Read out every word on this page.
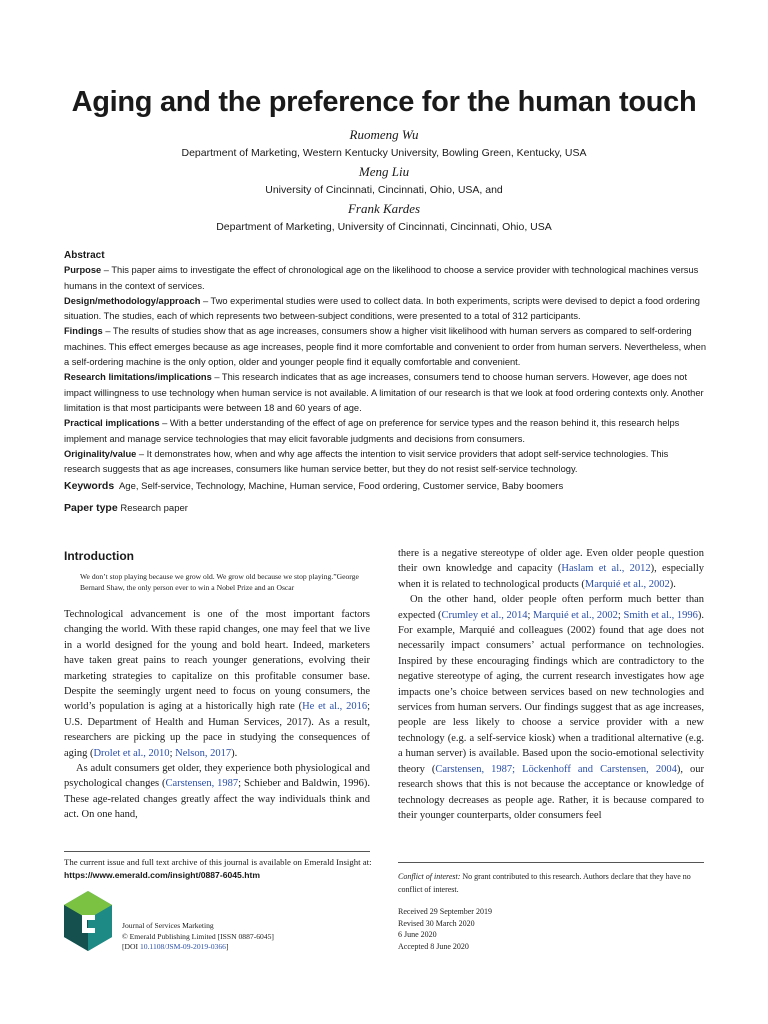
Aging and the preference for the human touch
Ruomeng Wu
Department of Marketing, Western Kentucky University, Bowling Green, Kentucky, USA
Meng Liu
University of Cincinnati, Cincinnati, Ohio, USA, and
Frank Kardes
Department of Marketing, University of Cincinnati, Cincinnati, Ohio, USA
Abstract

Purpose – This paper aims to investigate the effect of chronological age on the likelihood to choose a service provider with technological machines versus humans in the context of services.

Design/methodology/approach – Two experimental studies were used to collect data. In both experiments, scripts were devised to depict a food ordering situation. The studies, each of which represents two between-subject conditions, were presented to a total of 312 participants.

Findings – The results of studies show that as age increases, consumers show a higher visit likelihood with human servers as compared to self-ordering machines. This effect emerges because as age increases, people find it more comfortable and convenient to order from human servers. Nevertheless, when a self-ordering machine is the only option, older and younger people find it equally comfortable and convenient.

Research limitations/implications – This research indicates that as age increases, consumers tend to choose human servers. However, age does not impact willingness to use technology when human service is not available. A limitation of our research is that we look at food ordering contexts only. Another limitation is that most participants were between 18 and 60 years of age.

Practical implications – With a better understanding of the effect of age on preference for service types and the reason behind it, this research helps implement and manage service technologies that may elicit favorable judgments and decisions from consumers.

Originality/value – It demonstrates how, when and why age affects the intention to visit service providers that adopt self-service technologies. This research suggests that as age increases, consumers like human service better, but they do not resist self-service technology.

Keywords Age, Self-service, Technology, Machine, Human service, Food ordering, Customer service, Baby boomers
Paper type Research paper
Introduction
We don’t stop playing because we grow old. We grow old because we stop playing.”George Bernard Shaw, the only person ever to win a Nobel Prize and an Oscar

Technological advancement is one of the most important factors changing the world. With these rapid changes, one may feel that we live in a world designed for the young and bold heart. Indeed, marketers have taken great pains to reach younger generations, evolving their marketing strategies to capitalize on this profitable consumer base. Despite the seemingly urgent need to focus on young consumers, the world’s population is aging at a historically high rate (He et al., 2016; U.S. Department of Health and Human Services, 2017). As a result, researchers are picking up the pace in studying the consequences of aging (Drolet et al., 2010; Nelson, 2017).

As adult consumers get older, they experience both physiological and psychological changes (Carstensen, 1987; Schieber and Baldwin, 1996). These age-related changes greatly affect the way individuals think and act. On one hand,

there is a negative stereotype of older age. Even older people question their own knowledge and capacity (Haslam et al., 2012), especially when it is related to technological products (Marquié et al., 2002).

On the other hand, older people often perform much better than expected (Crumley et al., 2014; Marquié et al., 2002; Smith et al., 1996). For example, Marquié and colleagues (2002) found that age does not necessarily impact consumers’ actual performance on technologies. Inspired by these encouraging findings which are contradictory to the negative stereotype of aging, the current research investigates how age impacts one’s choice between services based on new technologies and services from human servers. Our findings suggest that as age increases, people are less likely to choose a service provider with a new technology (e.g. a self-service kiosk) when a traditional alternative (e.g. a human server) is available. Based upon the socio-emotional selectivity theory (Carstensen, 1987; Löckenhoff and Carstensen, 2004), our research shows that this is not because the acceptance or knowledge of technology decreases as people age. Rather, it is because compared to their younger counterparts, older consumers feel

The current issue and full text archive of this journal is available on Emerald Insight at: https://www.emerald.com/insight/0887-6045.htm
Journal of Services Marketing
© Emerald Publishing Limited [ISSN 0887-6045]
[DOI 10.1108/JSM-09-2019-0366]
Conflict of interest: No grant contributed to this research. Authors declare that they have no conflict of interest.
Received 29 September 2019
Revised 30 March 2020
6 June 2020
Accepted 8 June 2020
